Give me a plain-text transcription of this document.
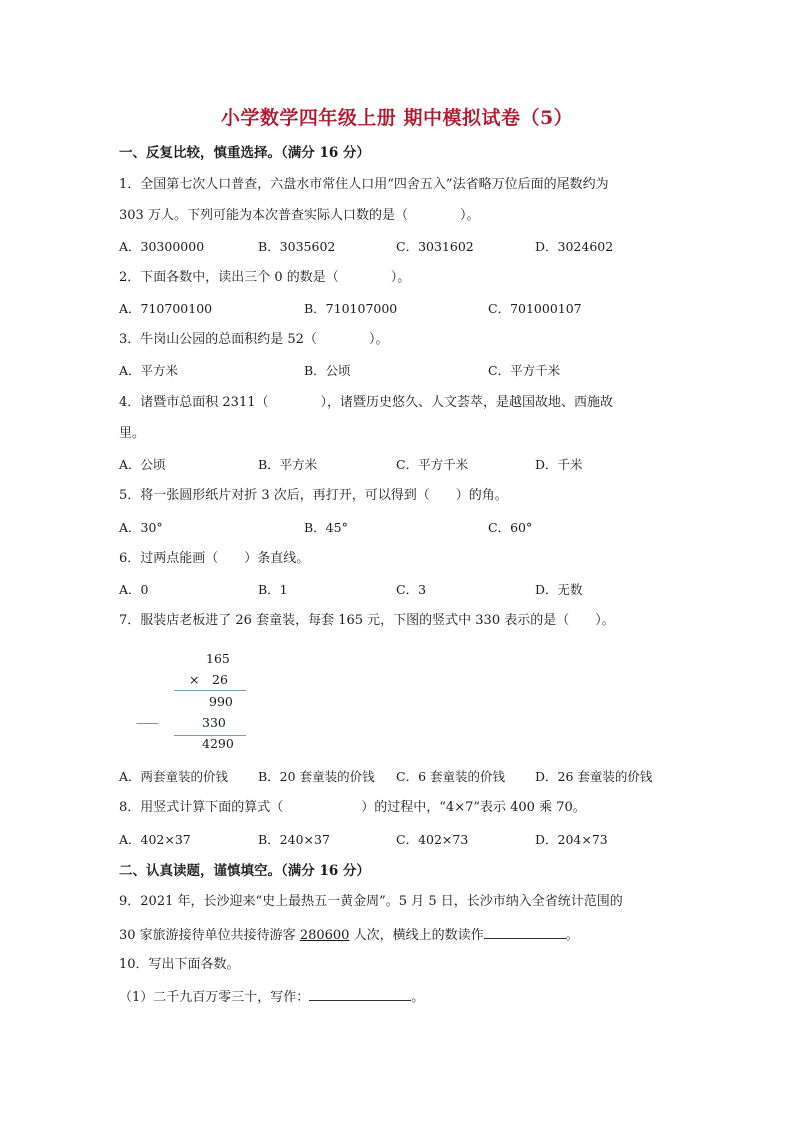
小学数学四年级上册 期中模拟试卷（5）
一、反复比较，慎重选择。（满分 16 分）
1．全国第七次人口普查，六盘水市常住人口用“四舍五入”法省略万位后面的尾数约为
303 万人。下列可能为本次普查实际人口数的是（　　　　）。
A．30300000	B．3035602	C．3031602	D．3024602
2．下面各数中，读出三个 0 的数是（　　　　）。
A．710700100	B．710107000	C．701000107
3．牛岗山公园的总面积约是 52（　　　　）。
A．平方米	B．公顷	C．平方千米
4．诸暨市总面积 2311（　　　　），诸暨历史悠久、人文荟萃，是越国故地、西施故
里。
A．公顷	B．平方米	C．平方千米	D．千米
5．将一张圆形纸片对折 3 次后，再打开，可以得到（　　）的角。
A．30°	B．45°	C．60°
6．过两点能画（　　）条直线。
A．0	B．1	C．3	D．无数
7．服装店老板进了 26 套童装，每套 165 元，下图的竖式中 330 表示的是（　　）。
165
× 26
990
——	330
4290
A．两套童装的价钱 B．20 套童装的价钱 C．6 套童装的价钱 D．26 套童装的价钱
8．用竖式计算下面的算式（　　　　　　）的过程中，“4×7”表示 400 乘 70。
A．402×37	B．240×37	C．402×73	D．204×73
二、认真读题，谨慎填空。（满分 16 分）
9．2021 年，长沙迎来“史上最热五一黄金周”。5 月 5 日，长沙市纳入全省统计范围的
30 家旅游接待单位共接待游客 280600 人次，横线上的数读作	。
10．写出下面各数。
（1）二千九百万零三十，写作：	。
